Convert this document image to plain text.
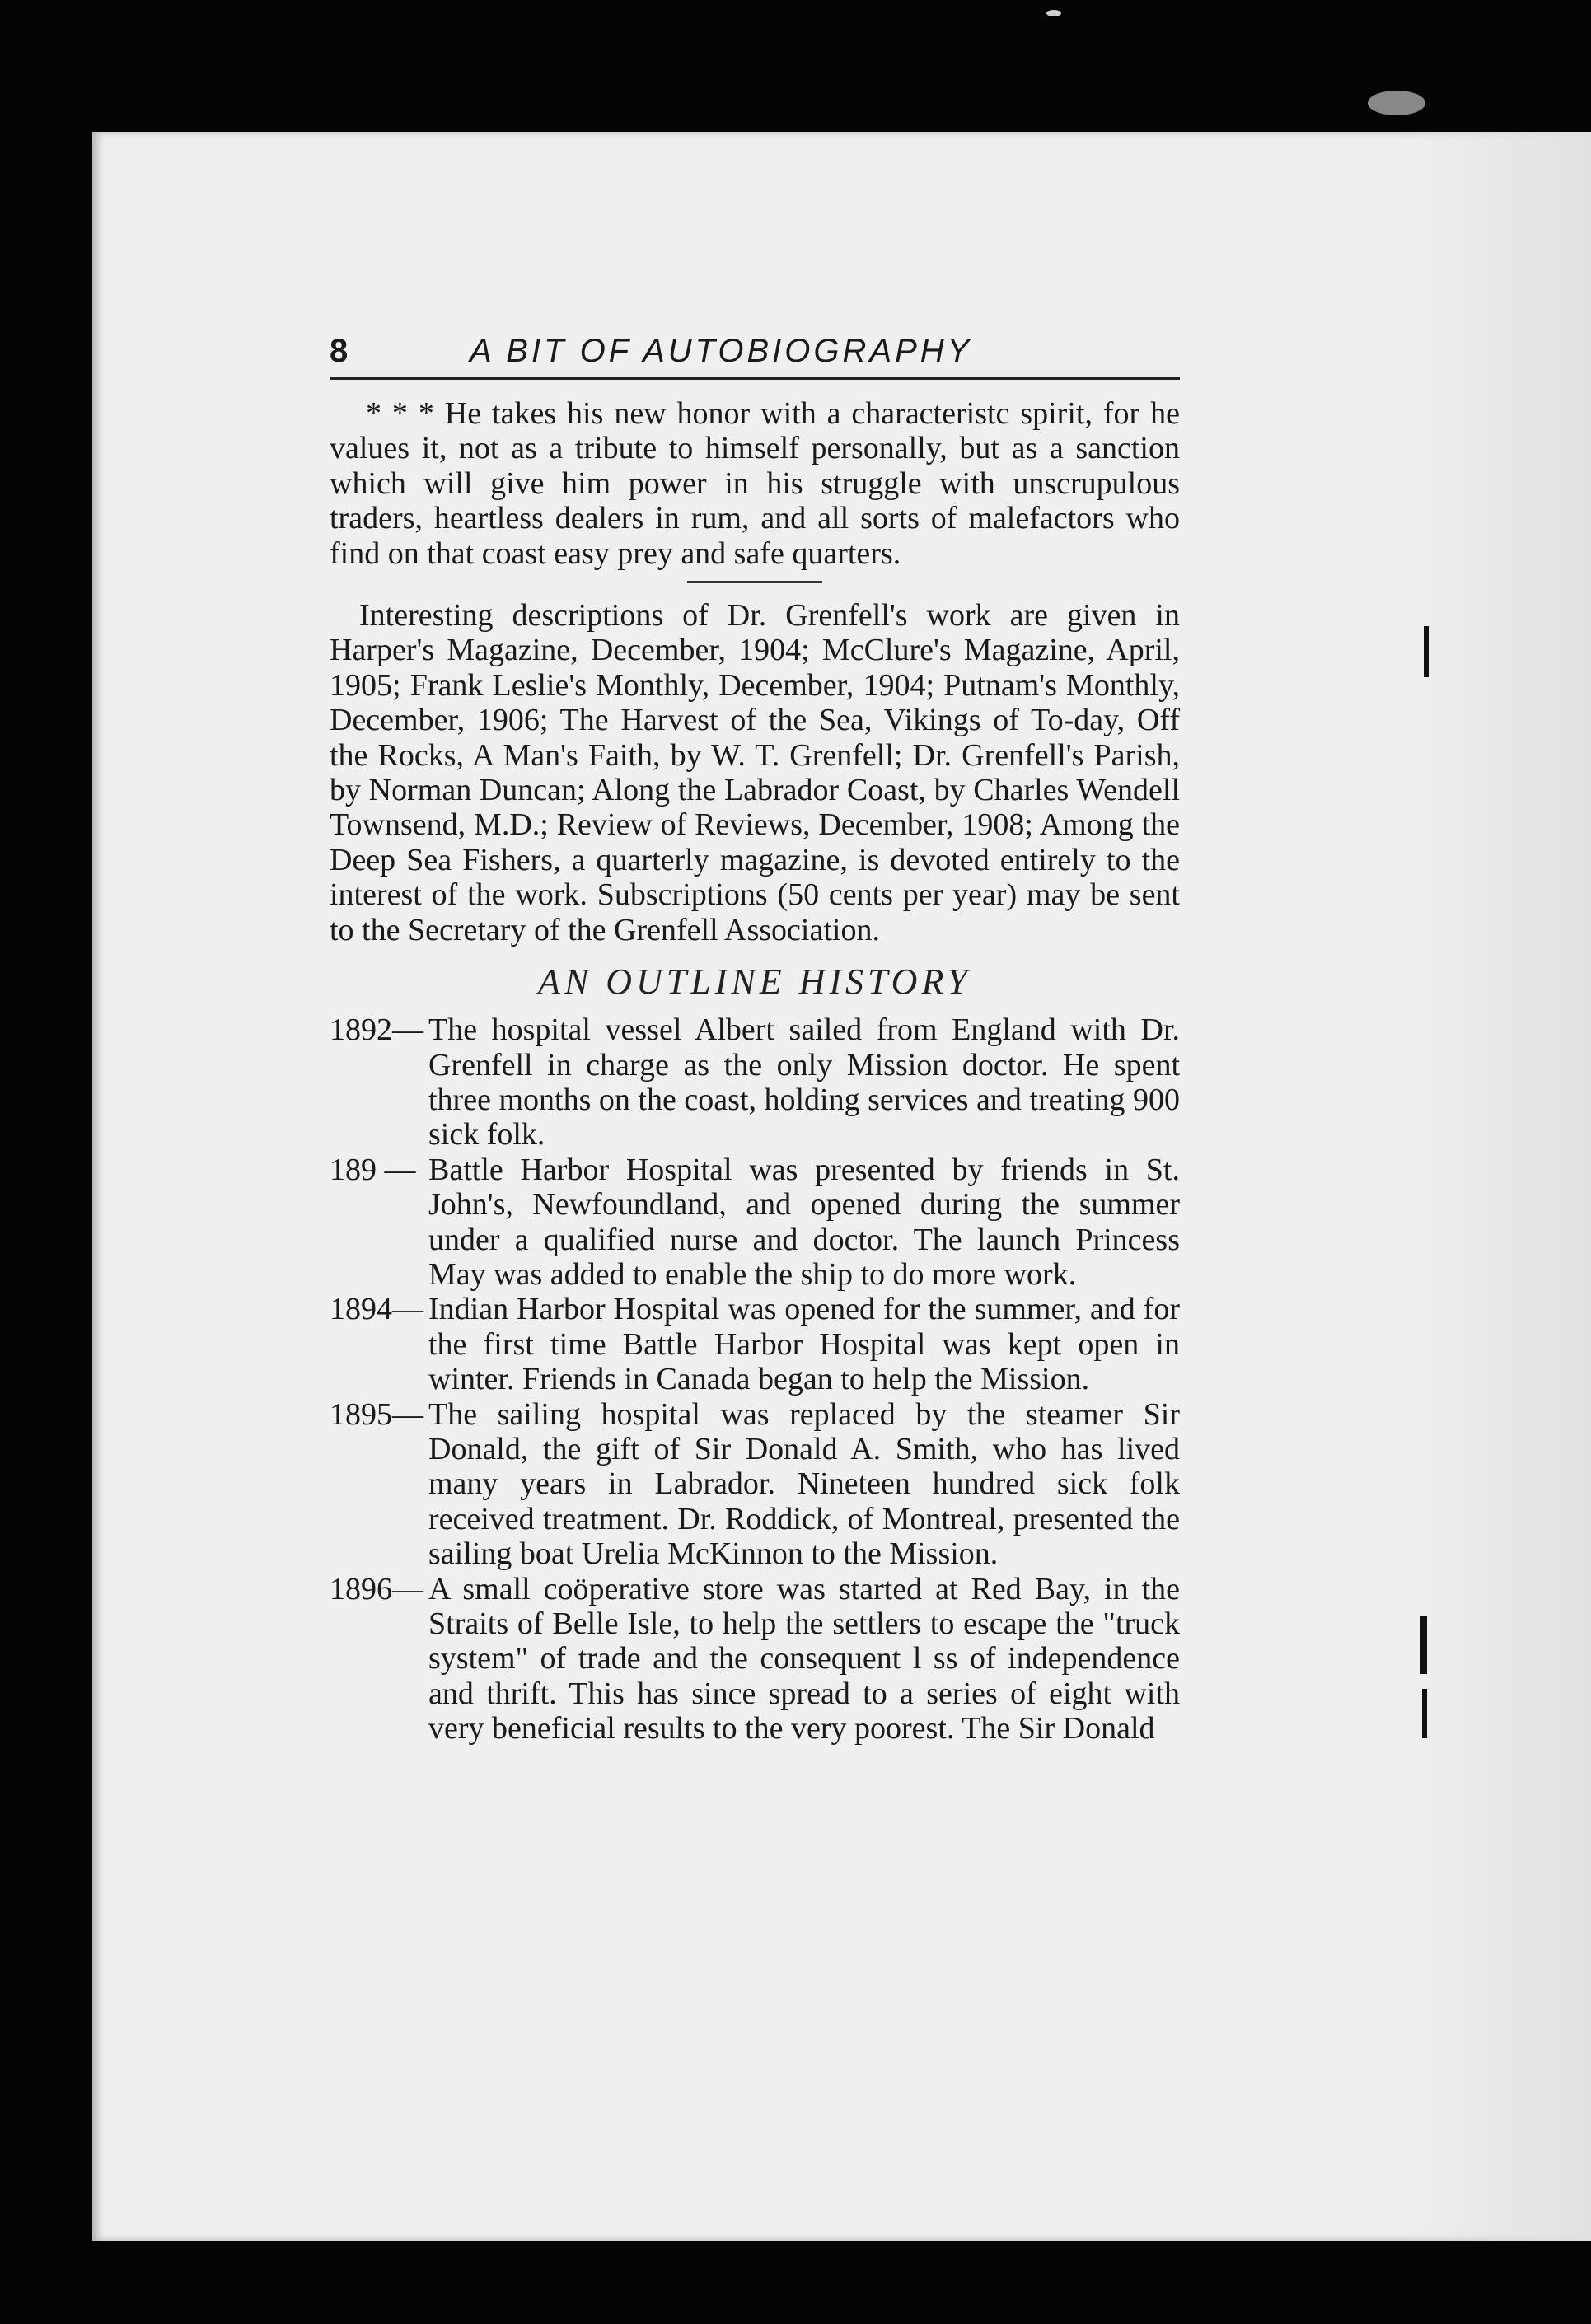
8	A BIT OF AUTOBIOGRAPHY

* * * He takes his new honor with a characteristc spirit, for he values it, not as a tribute to himself personally, but as a sanction which will give him power in his struggle with unscrupulous traders, heartless dealers in rum, and all sorts of malefactors who find on that coast easy prey and safe quarters.

Interesting descriptions of Dr. Grenfell's work are given in Harper's Magazine, December, 1904; McClure's Magazine, April, 1905; Frank Leslie's Monthly, December, 1904; Putnam's Monthly, December, 1906; The Harvest of the Sea, Vikings of To-day, Off the Rocks, A Man's Faith, by W. T. Grenfell; Dr. Grenfell's Parish, by Norman Duncan; Along the Labrador Coast, by Charles Wendell Townsend, M.D.; Review of Reviews, December, 1908; Among the Deep Sea Fishers, a quarterly magazine, is devoted entirely to the interest of the work. Subscriptions (50 cents per year) may be sent to the Secretary of the Grenfell Association.

AN OUTLINE HISTORY
1892— The hospital vessel Albert sailed from England with Dr. Grenfell in charge as the only Mission doctor. He spent three months on the coast, holding services and treating 900 sick folk.
189 — Battle Harbor Hospital was presented by friends in St. John's, Newfoundland, and opened during the summer under a qualified nurse and doctor. The launch Princess May was added to enable the ship to do more work.
1894— Indian Harbor Hospital was opened for the summer, and for the first time Battle Harbor Hospital was kept open in winter. Friends in Canada began to help the Mission.
1895— The sailing hospital was replaced by the steamer Sir Donald, the gift of Sir Donald A. Smith, who has lived many years in Labrador. Nineteen hundred sick folk received treatment. Dr. Roddick, of Montreal, presented the sailing boat Urelia McKinnon to the Mission.
1896— A small coöperative store was started at Red Bay, in the Straits of Belle Isle, to help the settlers to escape the "truck system" of trade and the consequent l ss of independence and thrift. This has since spread to a series of eight with very beneficial results to the very poorest. The Sir Donald
